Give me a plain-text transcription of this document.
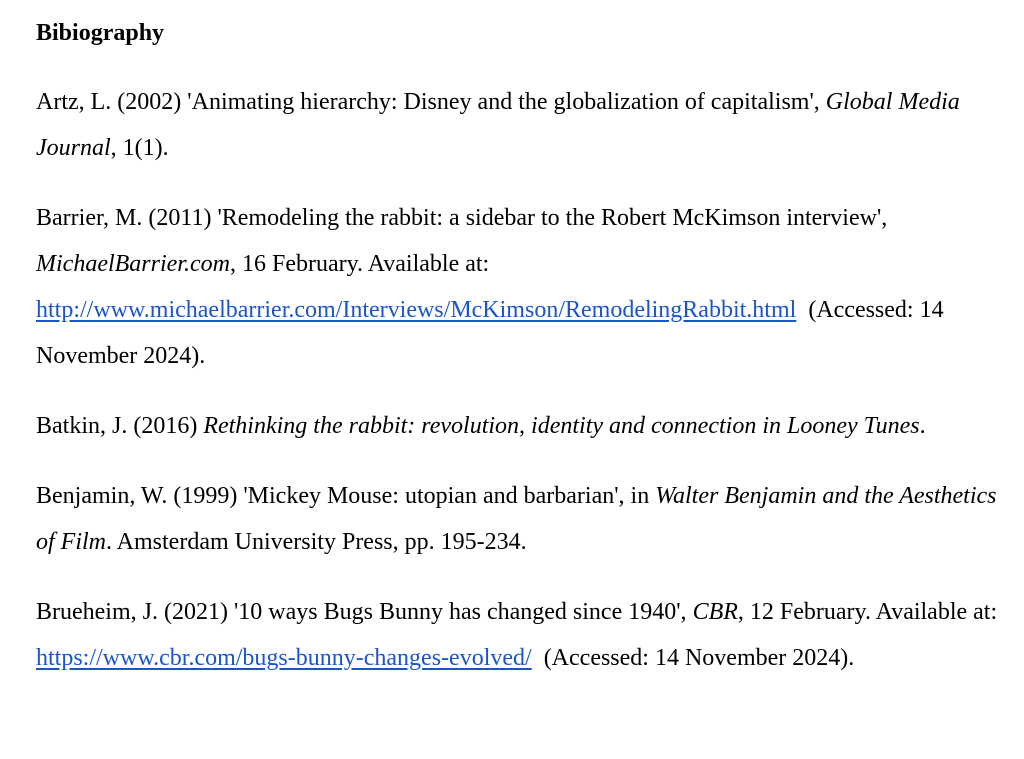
Bibiography
Artz, L. (2002) 'Animating hierarchy: Disney and the globalization of capitalism', Global Media Journal, 1(1).
Barrier, M. (2011) 'Remodeling the rabbit: a sidebar to the Robert McKimson interview', MichaelBarrier.com, 16 February. Available at:
http://www.michaelbarrier.com/Interviews/McKimson/RemodelingRabbit.html  (Accessed: 14 November 2024).
Batkin, J. (2016) Rethinking the rabbit: revolution, identity and connection in Looney Tunes.
Benjamin, W. (1999) 'Mickey Mouse: utopian and barbarian', in Walter Benjamin and the Aesthetics of Film. Amsterdam University Press, pp. 195-234.
Brueheim, J. (2021) '10 ways Bugs Bunny has changed since 1940', CBR, 12 February. Available at: https://www.cbr.com/bugs-bunny-changes-evolved/  (Accessed: 14 November 2024).
